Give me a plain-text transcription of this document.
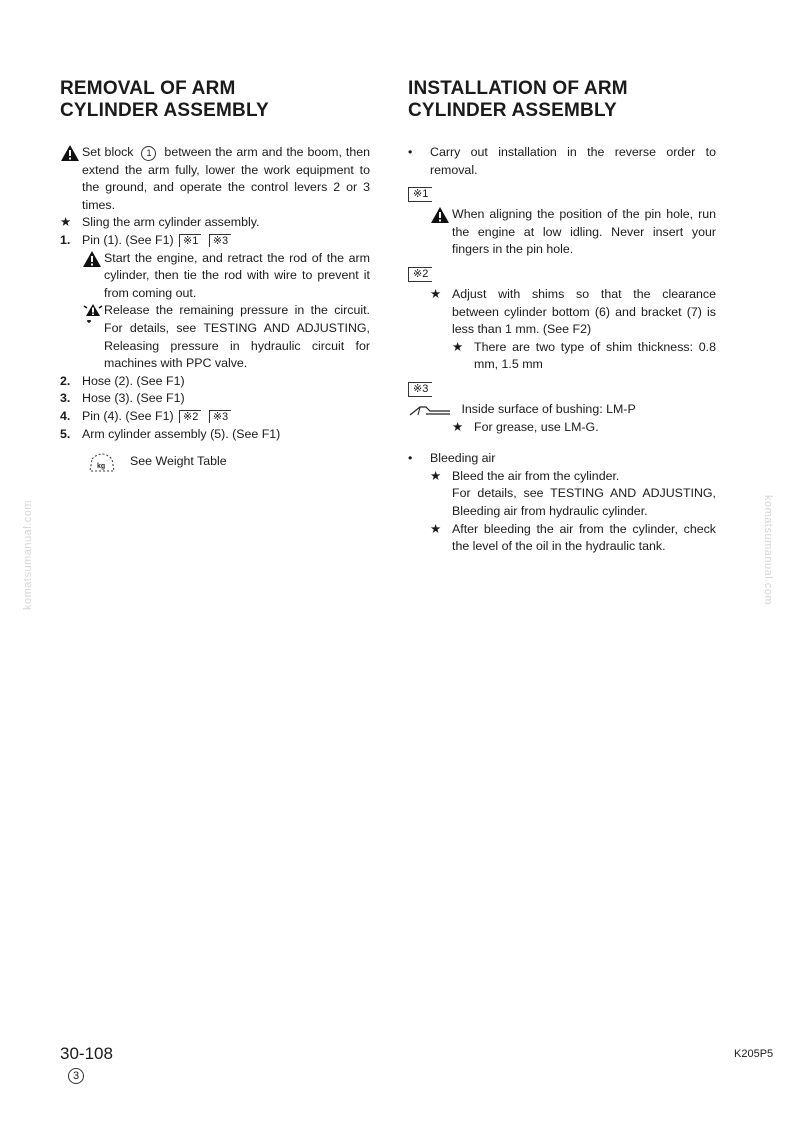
REMOVAL OF ARM
CYLINDER ASSEMBLY
Set block 1 between the arm and the boom, then extend the arm fully, lower the work equipment to the ground, and operate the control levers 2 or 3 times.
★ Sling the arm cylinder assembly.
1. Pin (1). (See F1) ※1 ※3
Start the engine, and retract the rod of the arm cylinder, then tie the rod with wire to prevent it from coming out.
Release the remaining pressure in the circuit. For details, see TESTING AND ADJUSTING, Releasing pressure in hydraulic circuit for machines with PPC valve.
2. Hose (2). (See F1)
3. Hose (3). (See F1)
4. Pin (4). (See F1) ※2 ※3
5. Arm cylinder assembly (5). (See F1)
kg See Weight Table
INSTALLATION OF ARM
CYLINDER ASSEMBLY
•	Carry out installation in the reverse order to removal.
※1
When aligning the position of the pin hole, run the engine at low idling. Never insert your fingers in the pin hole.
※2
★ Adjust with shims so that the clearance between cylinder bottom (6) and bracket (7) is less than 1 mm. (See F2)
★ There are two type of shim thickness: 0.8 mm, 1.5 mm
※3
Inside surface of bushing: LM-P
★ For grease, use LM-G.
•	Bleeding air
★ Bleed the air from the cylinder.
For details, see TESTING AND ADJUSTING, Bleeding air from hydraulic cylinder.
★ After bleeding the air from the cylinder, check the level of the oil in the hydraulic tank.
komatsumanual.com	komatsumanual.com
30-108
3
K205P5
